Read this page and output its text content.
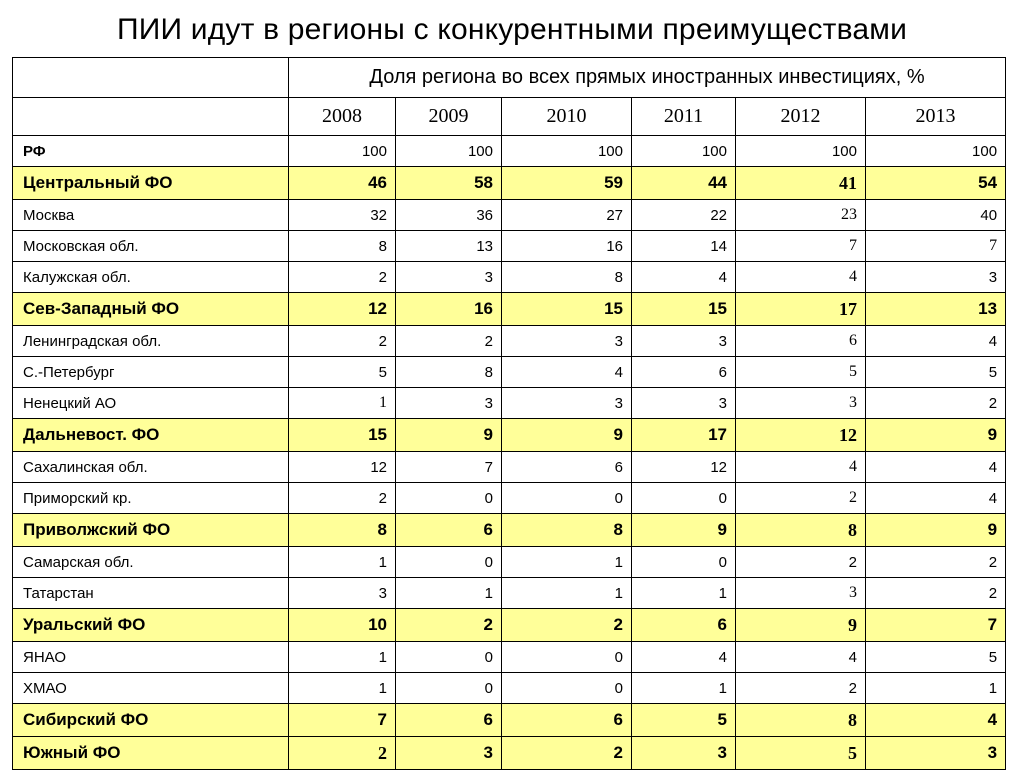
ПИИ идут в регионы с конкурентными преимуществами
	Доля региона во всех прямых иностранных инвестициях, %					
	2008	2009	2010	2011	2012	2013
РФ	100	100	100	100	100	100
Центральный ФО	46	58	59	44	41	54
Москва	32	36	27	22	23	40
Московская обл.	8	13	16	14	7	7
Калужская обл.	2	3	8	4	4	3
Сев-Западный ФО	12	16	15	15	17	13
Ленинградская обл.	2	2	3	3	6	4
С.-Петербург	5	8	4	6	5	5
Ненецкий АО	1	3	3	3	3	2
Дальневост. ФО	15	9	9	17	12	9
Сахалинская обл.	12	7	6	12	4	4
Приморский кр.	2	0	0	0	2	4
Приволжский ФО	8	6	8	9	8	9
Самарская обл.	1	0	1	0	2	2
Татарстан	3	1	1	1	3	2
Уральский ФО	10	2	2	6	9	7
ЯНАО	1	0	0	4	4	5
ХМАО	1	0	0	1	2	1
Сибирский ФО	7	6	6	5	8	4
Южный ФО	2	3	2	3	5	3
